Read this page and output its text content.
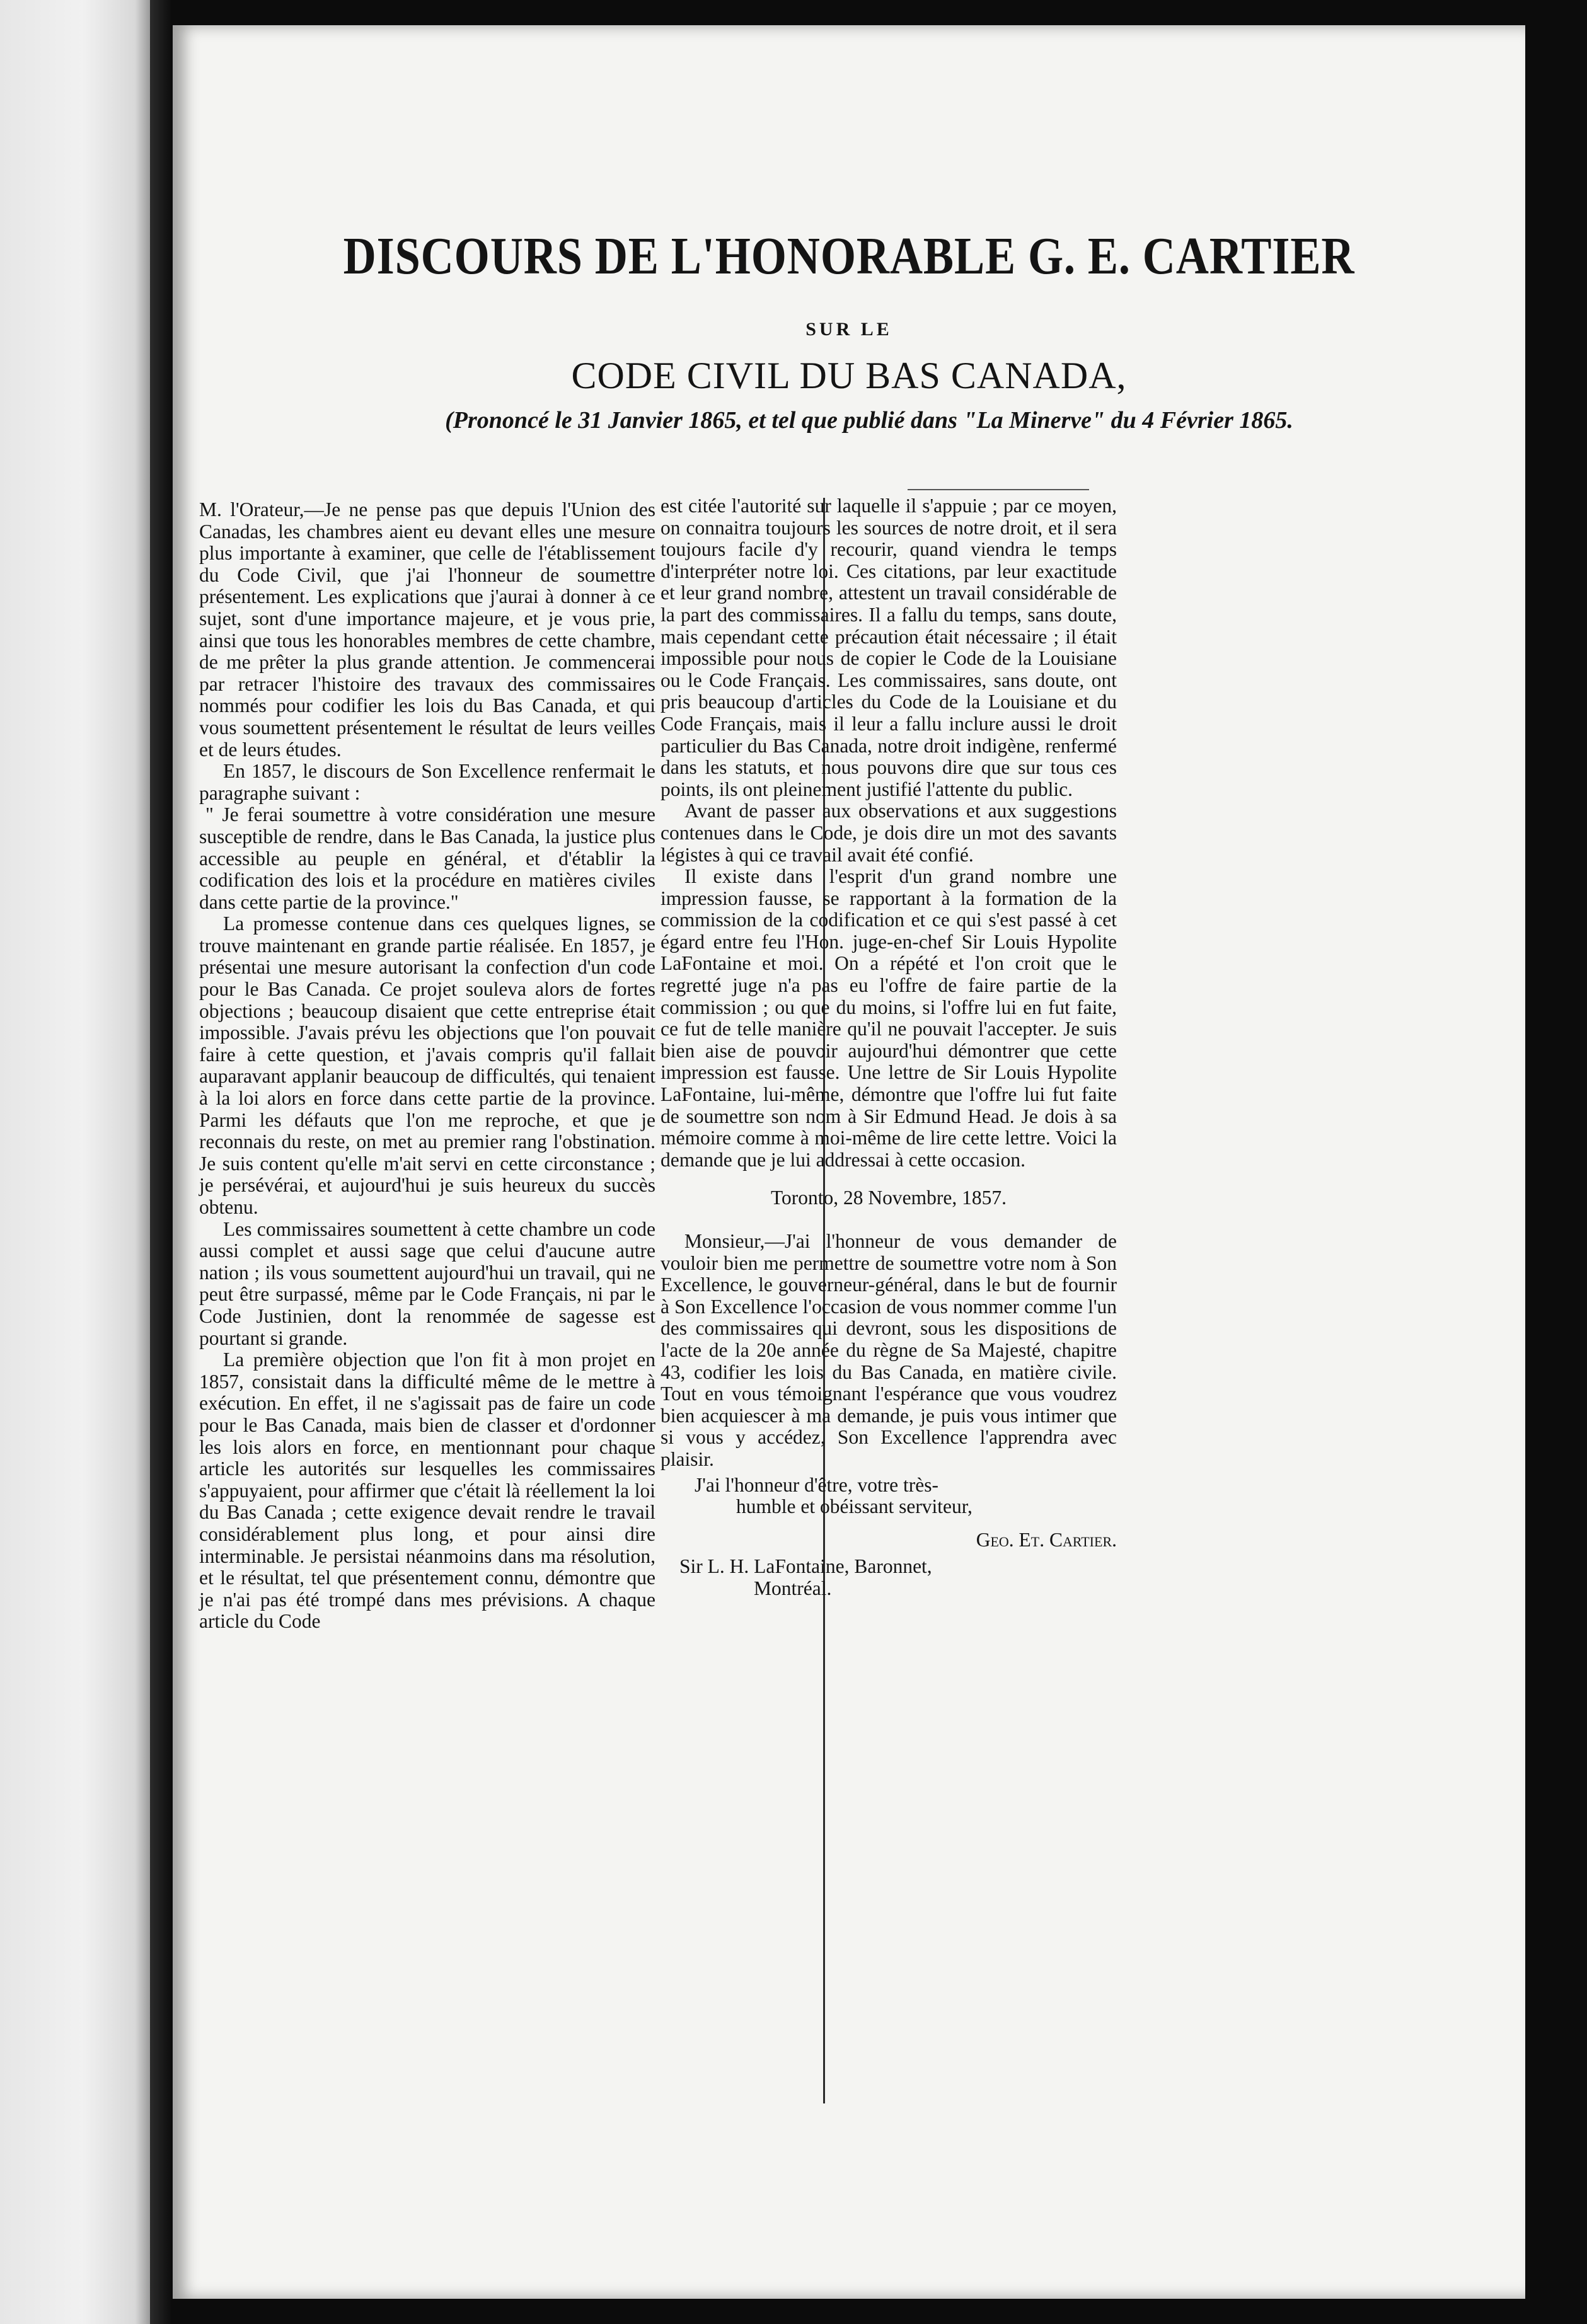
DISCOURS DE L'HONORABLE G. E. CARTIER
SUR LE
CODE CIVIL DU BAS CANADA,
(Prononcé le 31 Janvier 1865, et tel que publié dans "La Minerve" du 4 Février 1865.

M. l'Orateur,—Je ne pense pas que depuis l'Union des Canadas, les chambres aient eu devant elles une mesure plus importante à examiner, que celle de l'établissement du Code Civil, que j'ai l'honneur de soumettre présentement. Les explications que j'aurai à donner à ce sujet, sont d'une importance majeure, et je vous prie, ainsi que tous les honorables membres de cette chambre, de me prêter la plus grande attention. Je commencerai par retracer l'histoire des travaux des commissaires nommés pour codifier les lois du Bas Canada, et qui vous soumettent présentement le résultat de leurs veilles et de leurs études.

En 1857, le discours de Son Excellence renfermait le paragraphe suivant :

" Je ferai soumettre à votre considération une mesure susceptible de rendre, dans le Bas Canada, la justice plus accessible au peuple en général, et d'établir la codification des lois et la procédure en matières civiles dans cette partie de la province."

La promesse contenue dans ces quelques lignes, se trouve maintenant en grande partie réalisée. En 1857, je présentai une mesure autorisant la confection d'un code pour le Bas Canada. Ce projet souleva alors de fortes objections ; beaucoup disaient que cette entreprise était impossible. J'avais prévu les objections que l'on pouvait faire à cette question, et j'avais compris qu'il fallait auparavant applanir beaucoup de difficultés, qui tenaient à la loi alors en force dans cette partie de la province. Parmi les défauts que l'on me reproche, et que je reconnais du reste, on met au premier rang l'obstination. Je suis content qu'elle m'ait servi en cette circonstance ; je persévérai, et aujourd'hui je suis heureux du succès obtenu.

Les commissaires soumettent à cette chambre un code aussi complet et aussi sage que celui d'aucune autre nation ; ils vous soumettent aujourd'hui un travail, qui ne peut être surpassé, même par le Code Français, ni par le Code Justinien, dont la renommée de sagesse est pourtant si grande.

La première objection que l'on fit à mon projet en 1857, consistait dans la difficulté même de le mettre à exécution. En effet, il ne s'agissait pas de faire un code pour le Bas Canada, mais bien de classer et d'ordonner les lois alors en force, en mentionnant pour chaque article les autorités sur lesquelles les commissaires s'appuyaient, pour affirmer que c'était là réellement la loi du Bas Canada ; cette exigence devait rendre le travail considérablement plus long, et pour ainsi dire interminable. Je persistai néanmoins dans ma résolution, et le résultat, tel que présentement connu, démontre que je n'ai pas été trompé dans mes prévisions. A chaque article du Code

est citée l'autorité sur laquelle il s'appuie ; par ce moyen, on connaitra toujours les sources de notre droit, et il sera toujours facile d'y recourir, quand viendra le temps d'interpréter notre loi. Ces citations, par leur exactitude et leur grand nombre, attestent un travail considérable de la part des commissaires. Il a fallu du temps, sans doute, mais cependant cette précaution était nécessaire ; il était impossible pour nous de copier le Code de la Louisiane ou le Code Français. Les commissaires, sans doute, ont pris beaucoup d'articles du Code de la Louisiane et du Code Français, mais il leur a fallu inclure aussi le droit particulier du Bas Canada, notre droit indigène, renfermé dans les statuts, et nous pouvons dire que sur tous ces points, ils ont pleinement justifié l'attente du public.

Avant de passer aux observations et aux suggestions contenues dans le Code, je dois dire un mot des savants légistes à qui ce travail avait été confié.

Il existe dans l'esprit d'un grand nombre une impression fausse, se rapportant à la formation de la commission de la codification et ce qui s'est passé à cet égard entre feu l'Hon. juge-en-chef Sir Louis Hypolite LaFontaine et moi. On a répété et l'on croit que le regretté juge n'a pas eu l'offre de faire partie de la commission ; ou que du moins, si l'offre lui en fut faite, ce fut de telle manière qu'il ne pouvait l'accepter. Je suis bien aise de pouvoir aujourd'hui démontrer que cette impression est fausse. Une lettre de Sir Louis Hypolite LaFontaine, lui-même, démontre que l'offre lui fut faite de soumettre son nom à Sir Edmund Head. Je dois à sa mémoire comme à moi-même de lire cette lettre. Voici la demande que je lui addressai à cette occasion.

Toronto, 28 Novembre, 1857.

Monsieur,—J'ai l'honneur de vous demander de vouloir bien me permettre de soumettre votre nom à Son Excellence, le gouverneur-général, dans le but de fournir à Son Excellence l'occasion de vous nommer comme l'un des commissaires qui devront, sous les dispositions de l'acte de la 20e année du règne de Sa Majesté, chapitre 43, codifier les lois du Bas Canada, en matière civile. Tout en vous témoignant l'espérance que vous voudrez bien acquiescer à ma demande, je puis vous intimer que si vous y accédez, Son Excellence l'apprendra avec plaisir.

J'ai l'honneur d'être, votre très-

humble et obéissant serviteur,

Geo. Et. Cartier.

Sir L. H. LaFontaine, Baronnet,

Montréal.
